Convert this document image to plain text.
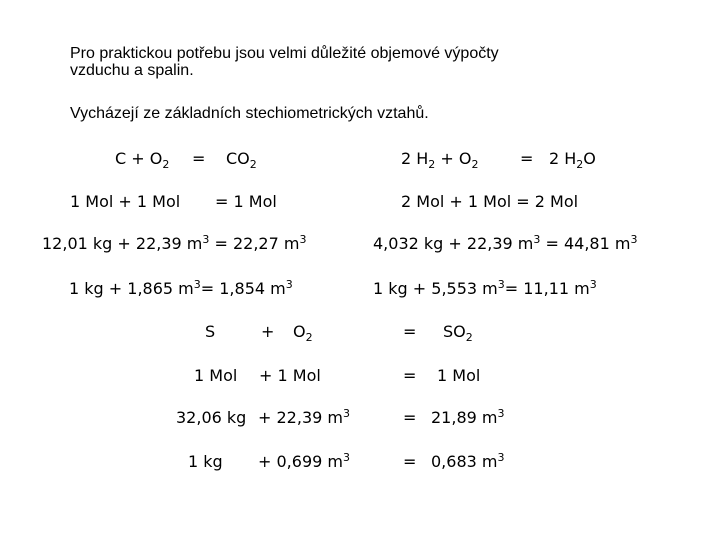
Pro praktickou potřebu jsou velmi důležité objemové výpočty
vzduchu a spalin.
Vycházejí ze základních stechiometrických vztahů.
$C + O_2 = CO_2$	2 $H_2 + O_2$	= 2 $H_2O$
1 Mol + 1 Mol = 1 Mol	2 Mol + 1 Mol = 2 Mol
12,01 kg + 22,39 $m^3 = 22,27$ $m^3$	4,032 kg + 22,39 $m^3 = 44,81$ $m^3$
1 kg + 1,865 $m^3= 1,854$ $m^3$	1 kg + 5,553 $m^3= 11,11$ $m^3$
S	+ $O_2$	= $SO_2$
1 Mol + 1 Mol	= 1 Mol
32,06 kg + 22,39 $m^3$	= 21,89 $m^3$
1 kg + 0,699 $m^3$	= 0,683 $m^3$
